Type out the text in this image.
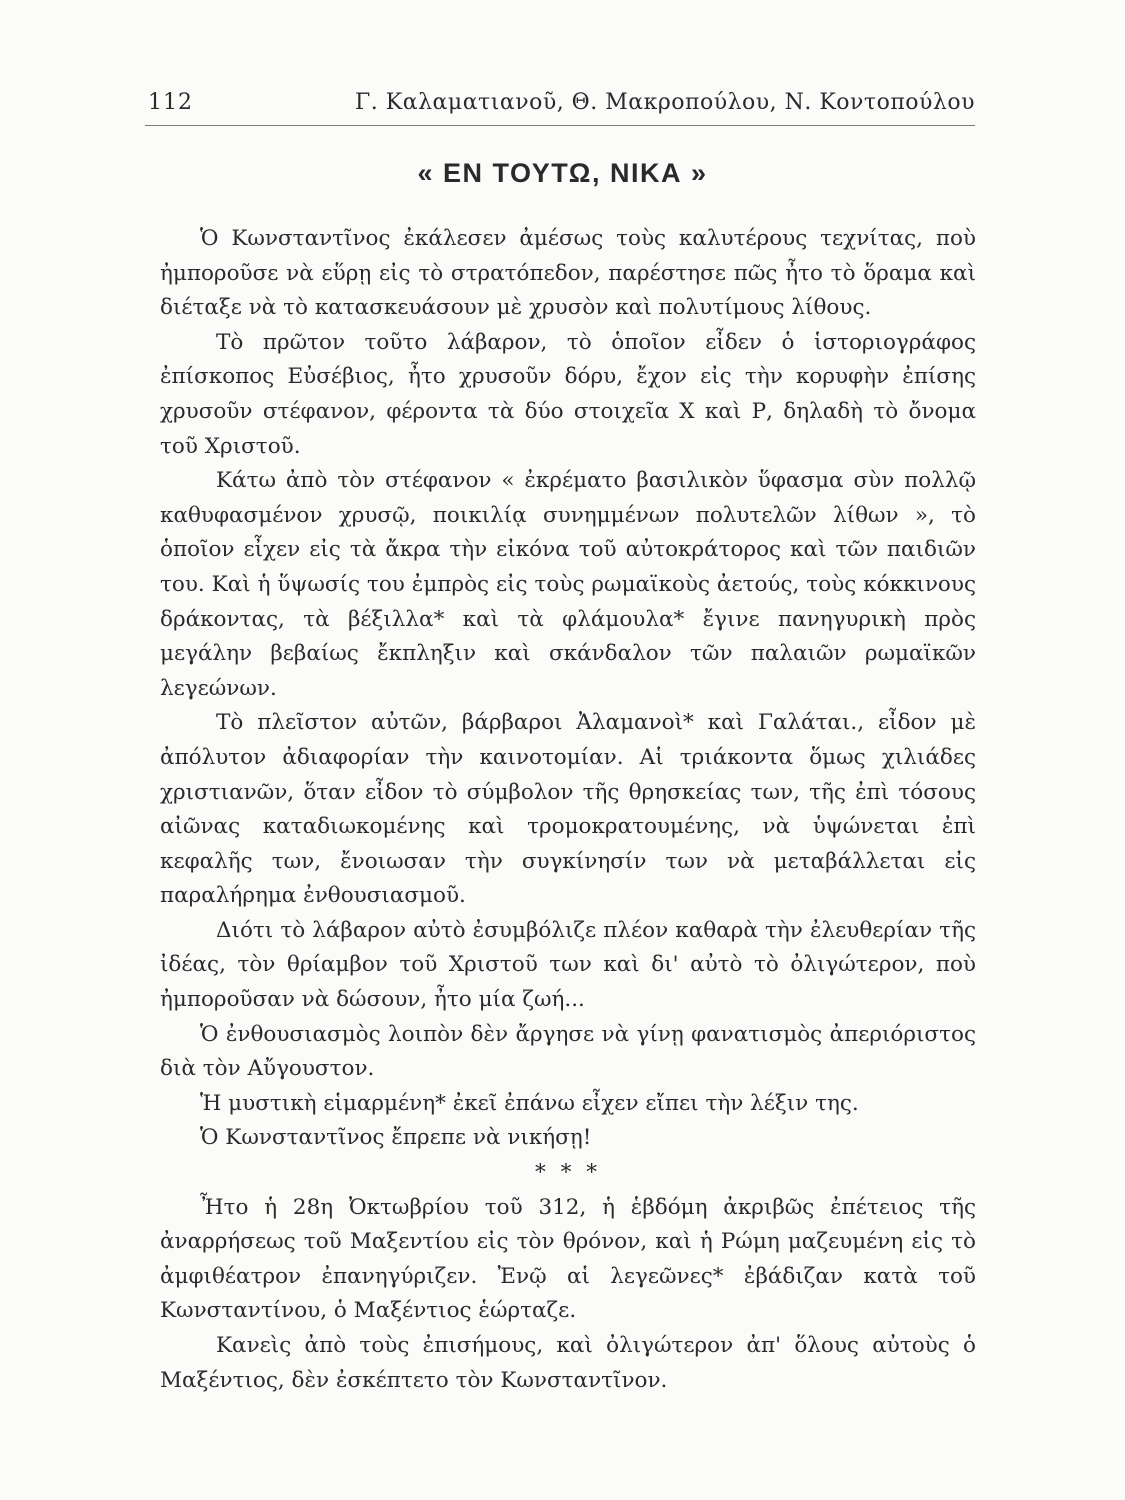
112	Γ. Καλαματιανοῦ, Θ. Μακροπούλου, Ν. Κοντοπούλου
« ΕΝ ΤΟΥΤΩ, ΝΙΚΑ »

Ὁ Κωνσταντῖνος ἐκάλεσεν ἀμέσως τοὺς καλυτέρους τεχνίτας, ποὺ ἠμποροῦσε νὰ εὕρῃ εἰς τὸ στρατόπεδον, παρέστησε πῶς ἦτο τὸ ὅραμα καὶ διέταξε νὰ τὸ κατασκευάσουν μὲ χρυσὸν καὶ πολυτίμους λίθους.

Τὸ πρῶτον τοῦτο λάβαρον, τὸ ὁποῖον εἶδεν ὁ ἱστοριογράφος ἐπίσκοπος Εὐσέβιος, ἦτο χρυσοῦν δόρυ, ἔχον εἰς τὴν κορυφὴν ἐπίσης χρυσοῦν στέφανον, φέροντα τὰ δύο στοιχεῖα Χ καὶ Ρ, δηλαδὴ τὸ ὄνομα τοῦ Χριστοῦ.

Κάτω ἀπὸ τὸν στέφανον « ἐκρέματο βασιλικὸν ὕφασμα σὺν πολλῷ καθυφασμένον χρυσῷ, ποικιλίᾳ συνημμένων πολυτελῶν λίθων », τὸ ὁποῖον εἶχεν εἰς τὰ ἄκρα τὴν εἰκόνα τοῦ αὐτοκράτορος καὶ τῶν παιδιῶν του. Καὶ ἡ ὕψωσίς του ἐμπρὸς εἰς τοὺς ρωμαϊκοὺς ἀετούς, τοὺς κόκκινους δράκοντας, τὰ βέξιλλα* καὶ τὰ φλάμουλα* ἔγινε πανηγυρικὴ πρὸς μεγάλην βεβαίως ἔκπληξιν καὶ σκάνδαλον τῶν παλαιῶν ρωμαϊκῶν λεγεώνων.

Τὸ πλεῖστον αὐτῶν, βάρβαροι Ἀλαμανοὶ* καὶ Γαλάται., εἶδον μὲ ἀπόλυτον ἀδιαφορίαν τὴν καινοτομίαν. Αἱ τριάκοντα ὅμως χιλιάδες χριστιανῶν, ὅταν εἶδον τὸ σύμβολον τῆς θρησκείας των, τῆς ἐπὶ τόσους αἰῶνας καταδιωκομένης καὶ τρομοκρατουμένης, νὰ ὑψώνεται ἐπὶ κεφαλῆς των, ἔνοιωσαν τὴν συγκίνησίν των νὰ μεταβάλλεται εἰς παραλήρημα ἐνθουσιασμοῦ.

Διότι τὸ λάβαρον αὐτὸ ἐσυμβόλιζε πλέον καθαρὰ τὴν ἐλευθερίαν τῆς ἰδέας, τὸν θρίαμβον τοῦ Χριστοῦ των καὶ δι' αὐτὸ τὸ ὀλιγώτερον, ποὺ ἠμποροῦσαν νὰ δώσουν, ἦτο μία ζωή...

Ὁ ἐνθουσιασμὸς λοιπὸν δὲν ἄργησε νὰ γίνῃ φανατισμὸς ἀπεριόριστος διὰ τὸν Αὔγουστον.

Ἡ μυστικὴ εἱμαρμένη* ἐκεῖ ἐπάνω εἶχεν εἴπει τὴν λέξιν της.

Ὁ Κωνσταντῖνος ἔπρεπε νὰ νικήσῃ!

* * *

Ἦτο ἡ 28η Ὀκτωβρίου τοῦ 312, ἡ ἑβδόμη ἀκριβῶς ἐπέτειος τῆς ἀναρρήσεως τοῦ Μαξεντίου εἰς τὸν θρόνον, καὶ ἡ Ρώμη μαζευμένη εἰς τὸ ἀμφιθέατρον ἐπανηγύριζεν. Ἐνῷ αἱ λεγεῶνες* ἐβάδιζαν κατὰ τοῦ Κωνσταντίνου, ὁ Μαξέντιος ἑώρταζε.

Κανεὶς ἀπὸ τοὺς ἐπισήμους, καὶ ὀλιγώτερον ἀπ' ὅλους αὐτοὺς ὁ Μαξέντιος, δὲν ἐσκέπτετο τὸν Κωνσταντῖνον.
